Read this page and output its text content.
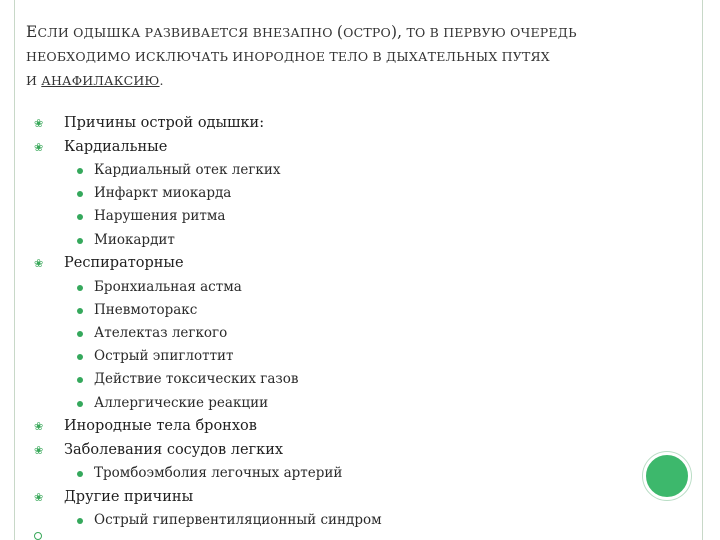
ЕСЛИ ОДЫШКА РАЗВИВАЕТСЯ ВНЕЗАПНО (ОСТРО), ТО В ПЕРВУЮ ОЧЕРЕДЬ
НЕОБХОДИМО ИСКЛЮЧАТЬ ИНОРОДНОЕ ТЕЛО В ДЫХАТЕЛЬНЫХ ПУТЯХ
И АНАФИЛАКСИЮ.
❀ Причины острой одышки:
❀ Кардиальные
Кардиальный отек легких
Инфаркт миокарда
Нарушения ритма
Миокардит
❀ Респираторные
Бронхиальная астма
Пневмоторакс
Ателектаз легкого
Острый эпиглоттит
Действие токсических газов
Аллергические реакции
❀ Инородные тела бронхов
❀ Заболевания сосудов легких
Тромбоэмболия легочных артерий
❀ Другие причины
Острый гипервентиляционный синдром
